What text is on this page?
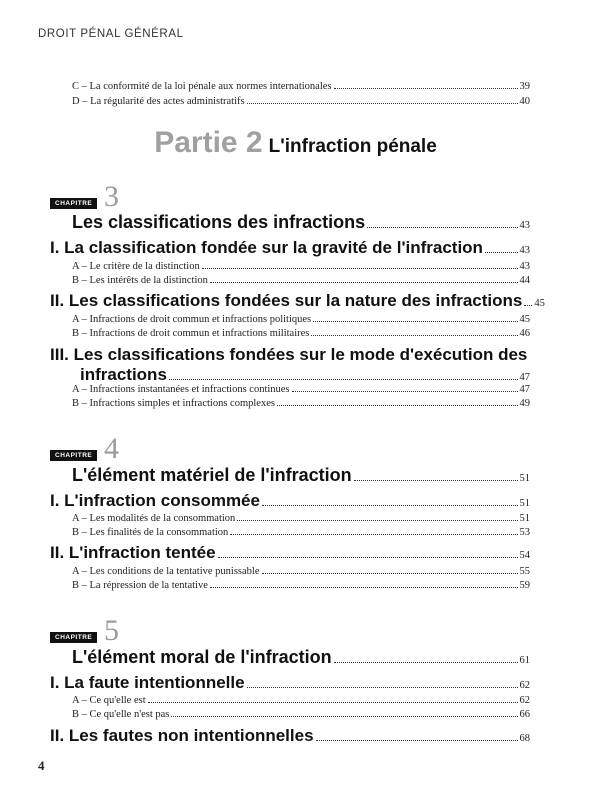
DROIT PÉNAL GÉNÉRAL
C – La conformité de la loi pénale aux normes internationales	39
D – La régularité des actes administratifs	40
Partie 2 L'infraction pénale
CHAPITRE 3
Les classifications des infractions	43
I. La classification fondée sur la gravité de l'infraction	43
A – Le critère de la distinction	43
B – Les intérêts de la distinction	44
II. Les classifications fondées sur la nature des infractions 45
A – Infractions de droit commun et infractions politiques	45
B – Infractions de droit commun et infractions militaires	46
III. Les classifications fondées sur le mode d'exécution des
infractions	47
A – Infractions instantanées et infractions continues	47
B – Infractions simples et infractions complexes	49
CHAPITRE 4
L'élément matériel de l'infraction	51
I. L'infraction consommée	51
A – Les modalités de la consommation	51
B – Les finalités de la consommation	53
II. L'infraction tentée	54
A – Les conditions de la tentative punissable	55
B – La répression de la tentative	59
CHAPITRE 5
L'élément moral de l'infraction	61
I. La faute intentionnelle	62
A – Ce qu'elle est	62
B – Ce qu'elle n'est pas	66
II. Les fautes non intentionnelles	68
4
